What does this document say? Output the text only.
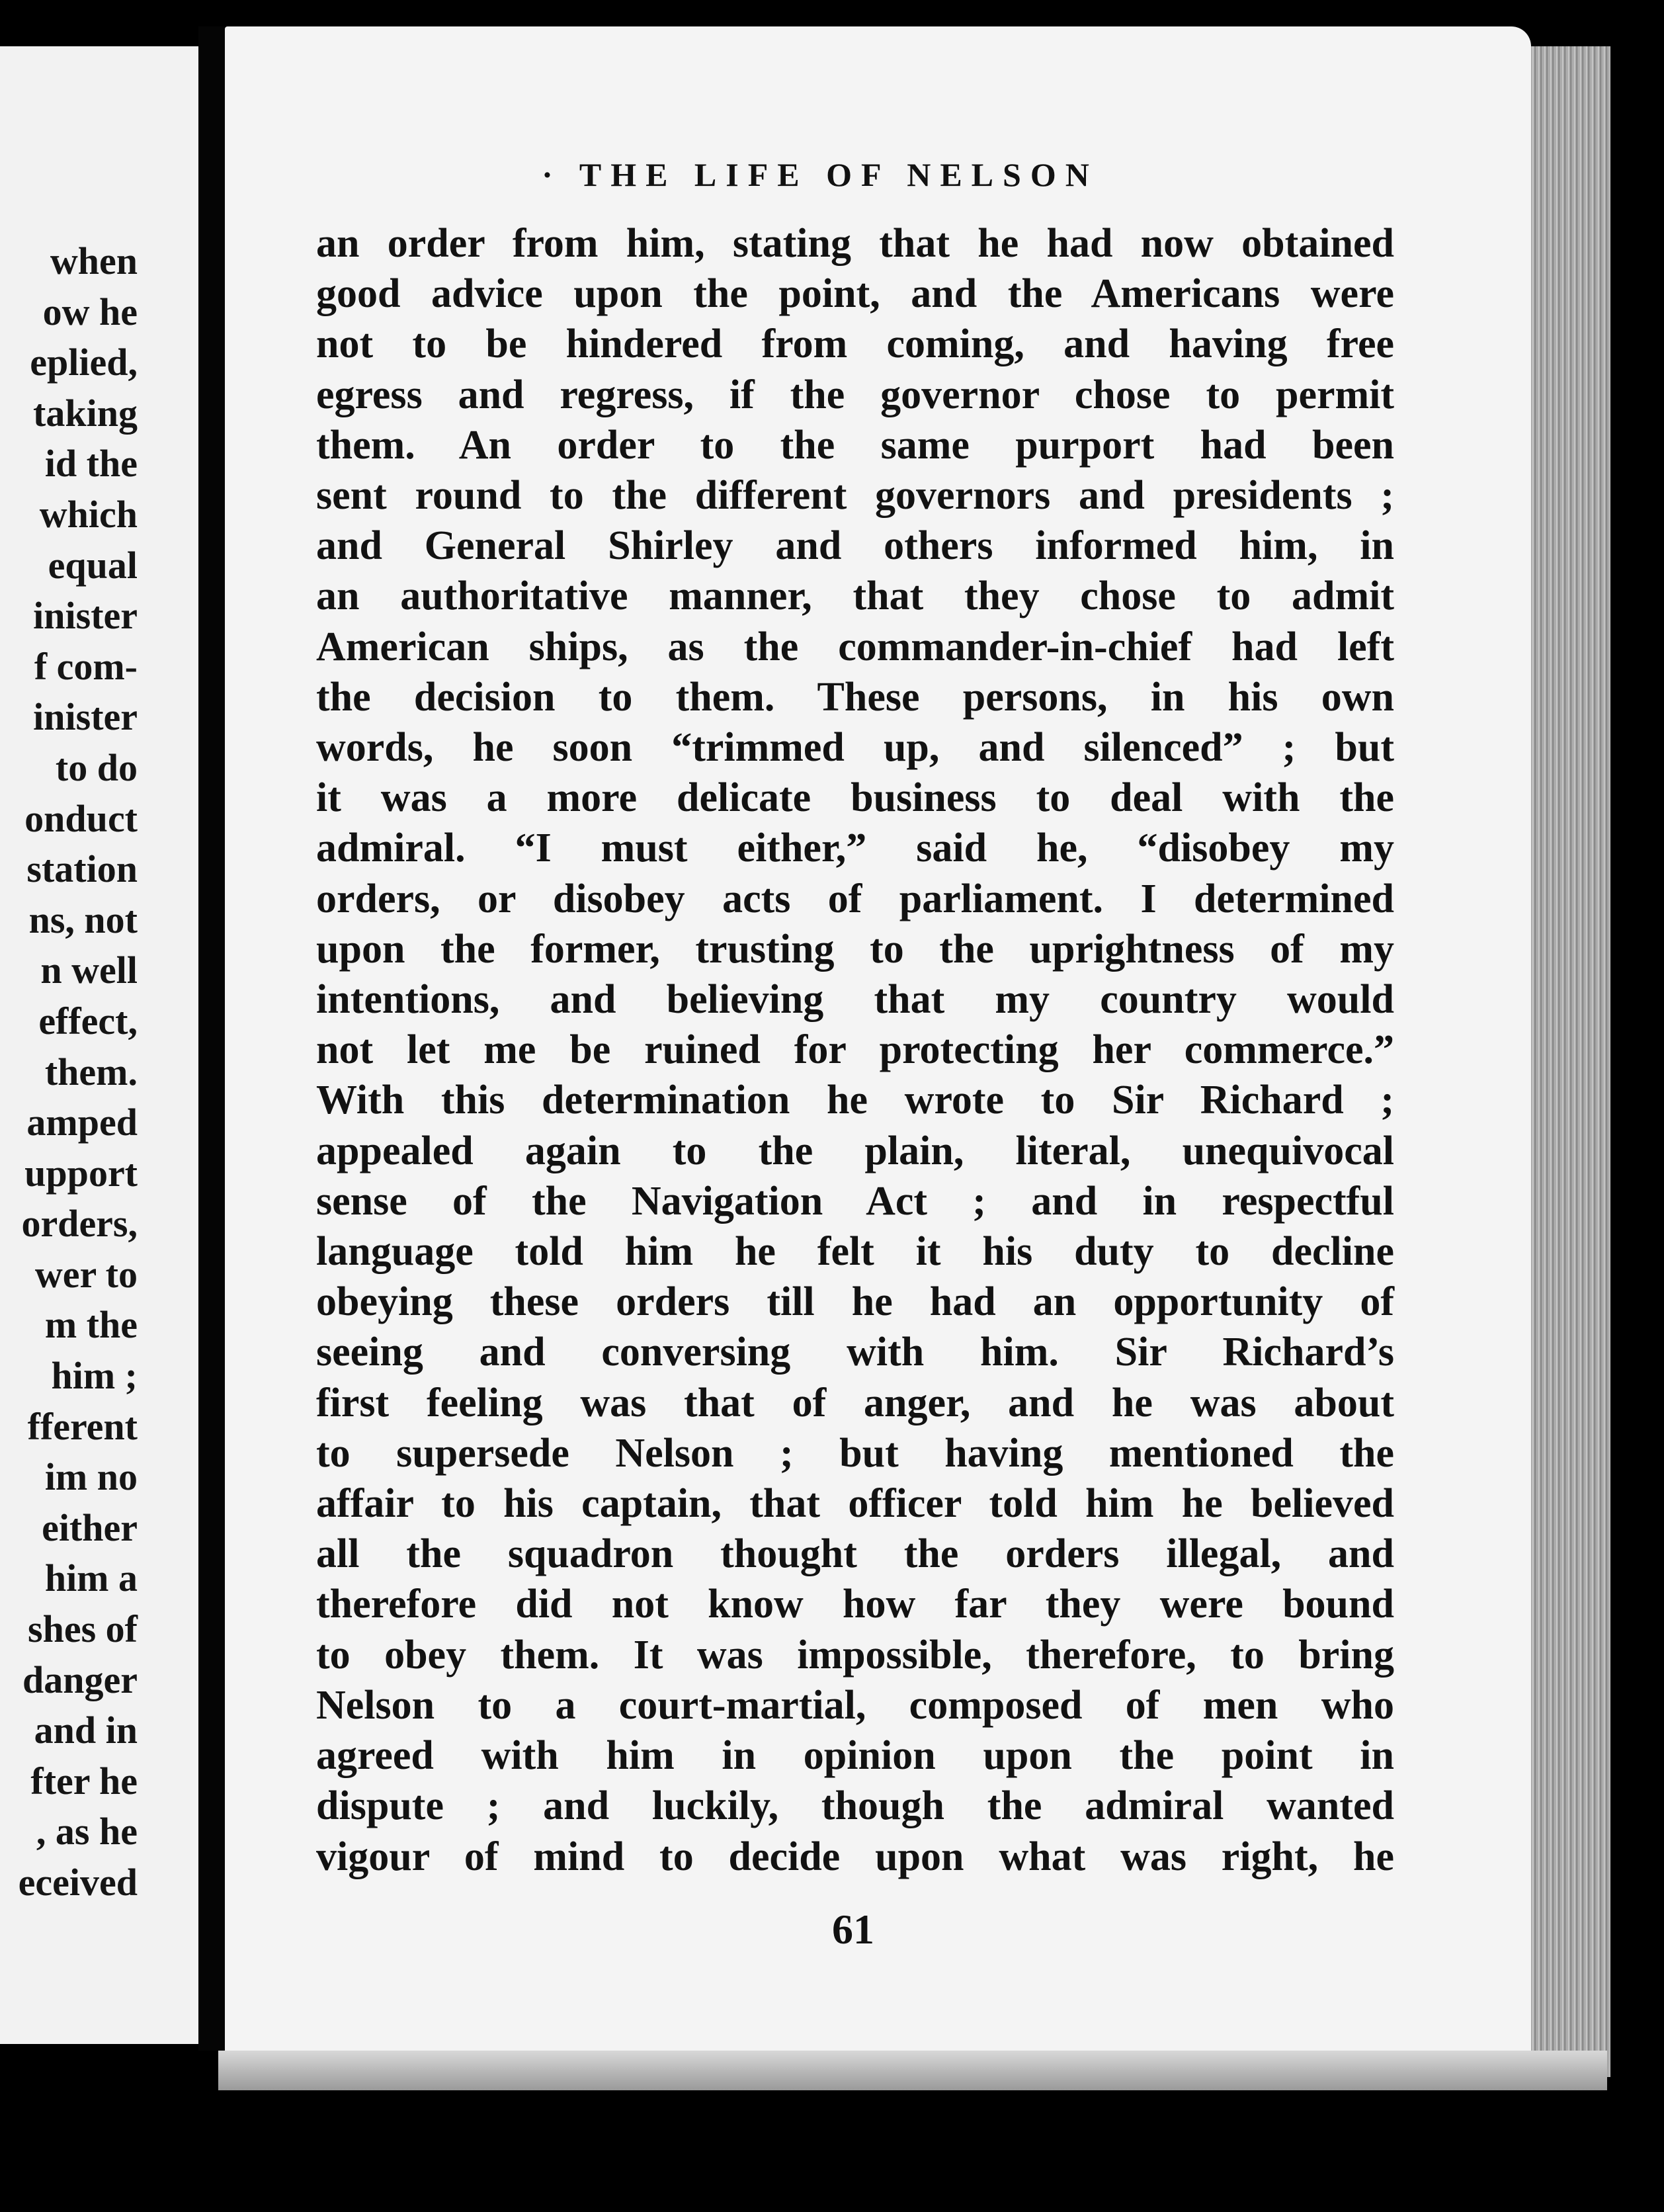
when
ow he
eplied,
taking
id the
which
equal
inister
f com-
inister
to do
onduct
station
ns, not
n well
effect,
them.
amped
upport
orders,
wer to
m the
him ;
fferent
im no
either
him a
shes of
danger
and in
fter he
, as he
eceived
· THE LIFE OF NELSON
an order from him, stating that he had now obtained
good advice upon the point, and the Americans were
not to be hindered from coming, and having free
egress and regress, if the governor chose to permit
them. An order to the same purport had been
sent round to the different governors and presidents ;
and General Shirley and others informed him, in
an authoritative manner, that they chose to admit
American ships, as the commander-in-chief had left
the decision to them. These persons, in his own
words, he soon “trimmed up, and silenced” ; but
it was a more delicate business to deal with the
admiral. “I must either,” said he, “disobey my
orders, or disobey acts of parliament. I determined
upon the former, trusting to the uprightness of my
intentions, and believing that my country would
not let me be ruined for protecting her commerce.”
With this determination he wrote to Sir Richard ;
appealed again to the plain, literal, unequivocal
sense of the Navigation Act ; and in respectful
language told him he felt it his duty to decline
obeying these orders till he had an opportunity of
seeing and conversing with him. Sir Richard’s
first feeling was that of anger, and he was about
to supersede Nelson ; but having mentioned the
affair to his captain, that officer told him he believed
all the squadron thought the orders illegal, and
therefore did not know how far they were bound
to obey them. It was impossible, therefore, to bring
Nelson to a court-martial, composed of men who
agreed with him in opinion upon the point in
dispute ; and luckily, though the admiral wanted
vigour of mind to decide upon what was right, he
61
